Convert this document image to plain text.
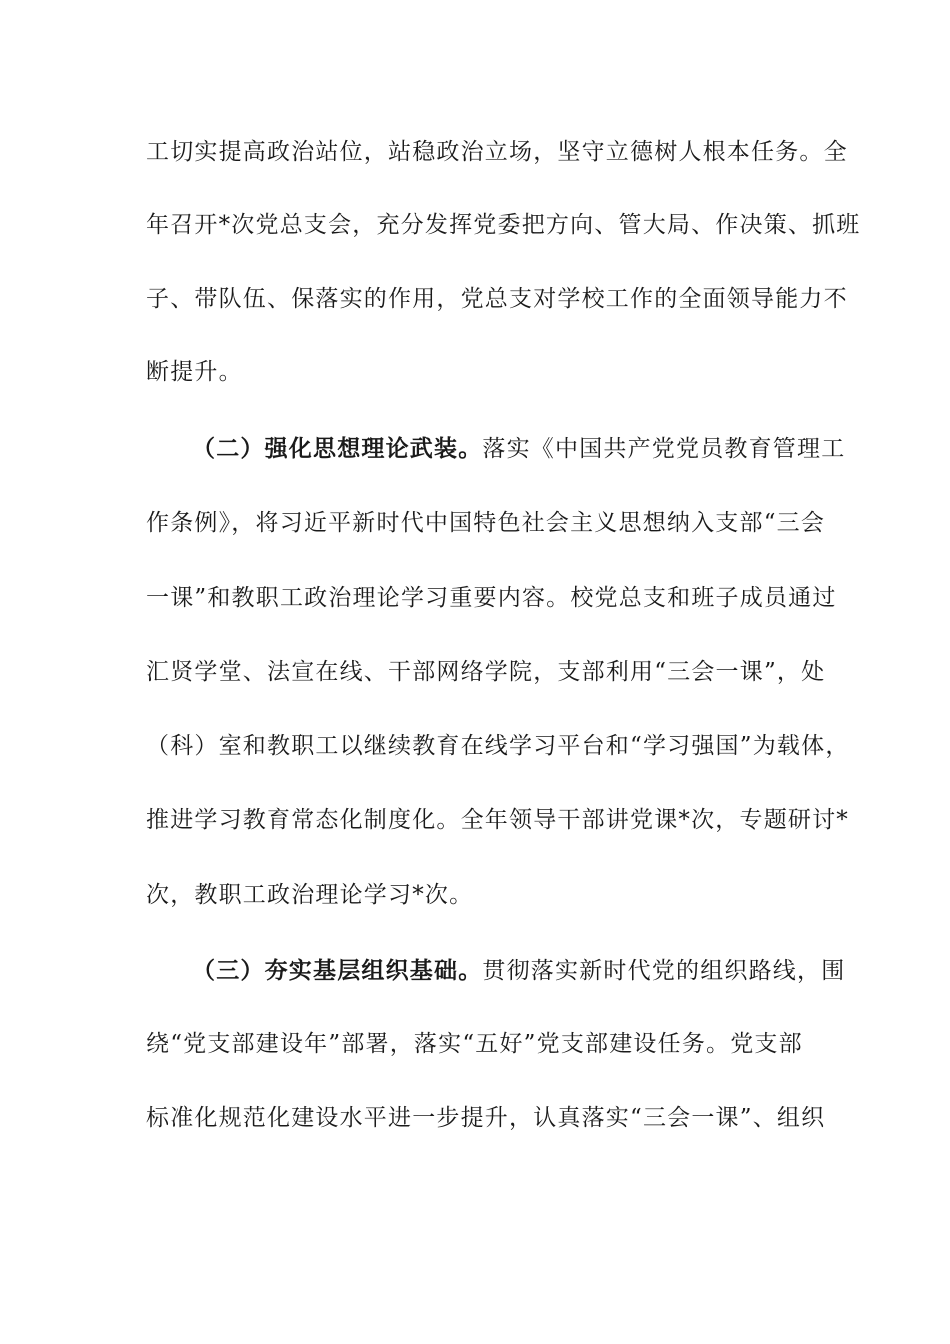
工切实提高政治站位，站稳政治立场，坚守立德树人根本任务。全
年召开*次党总支会，充分发挥党委把方向、管大局、作决策、抓班
子、带队伍、保落实的作用，党总支对学校工作的全面领导能力不
断提升。
（二）强化思想理论武装。落实《中国共产党党员教育管理工
作条例》，将习近平新时代中国特色社会主义思想纳入支部“三会
一课”和教职工政治理论学习重要内容。校党总支和班子成员通过
汇贤学堂、法宣在线、干部网络学院，支部利用“三会一课”，处
（科）室和教职工以继续教育在线学习平台和“学习强国”为载体，
推进学习教育常态化制度化。全年领导干部讲党课*次，专题研讨*
次，教职工政治理论学习*次。
（三）夯实基层组织基础。贯彻落实新时代党的组织路线，围
绕“党支部建设年”部署，落实“五好”党支部建设任务。党支部
标准化规范化建设水平进一步提升，认真落实“三会一课”、组织
